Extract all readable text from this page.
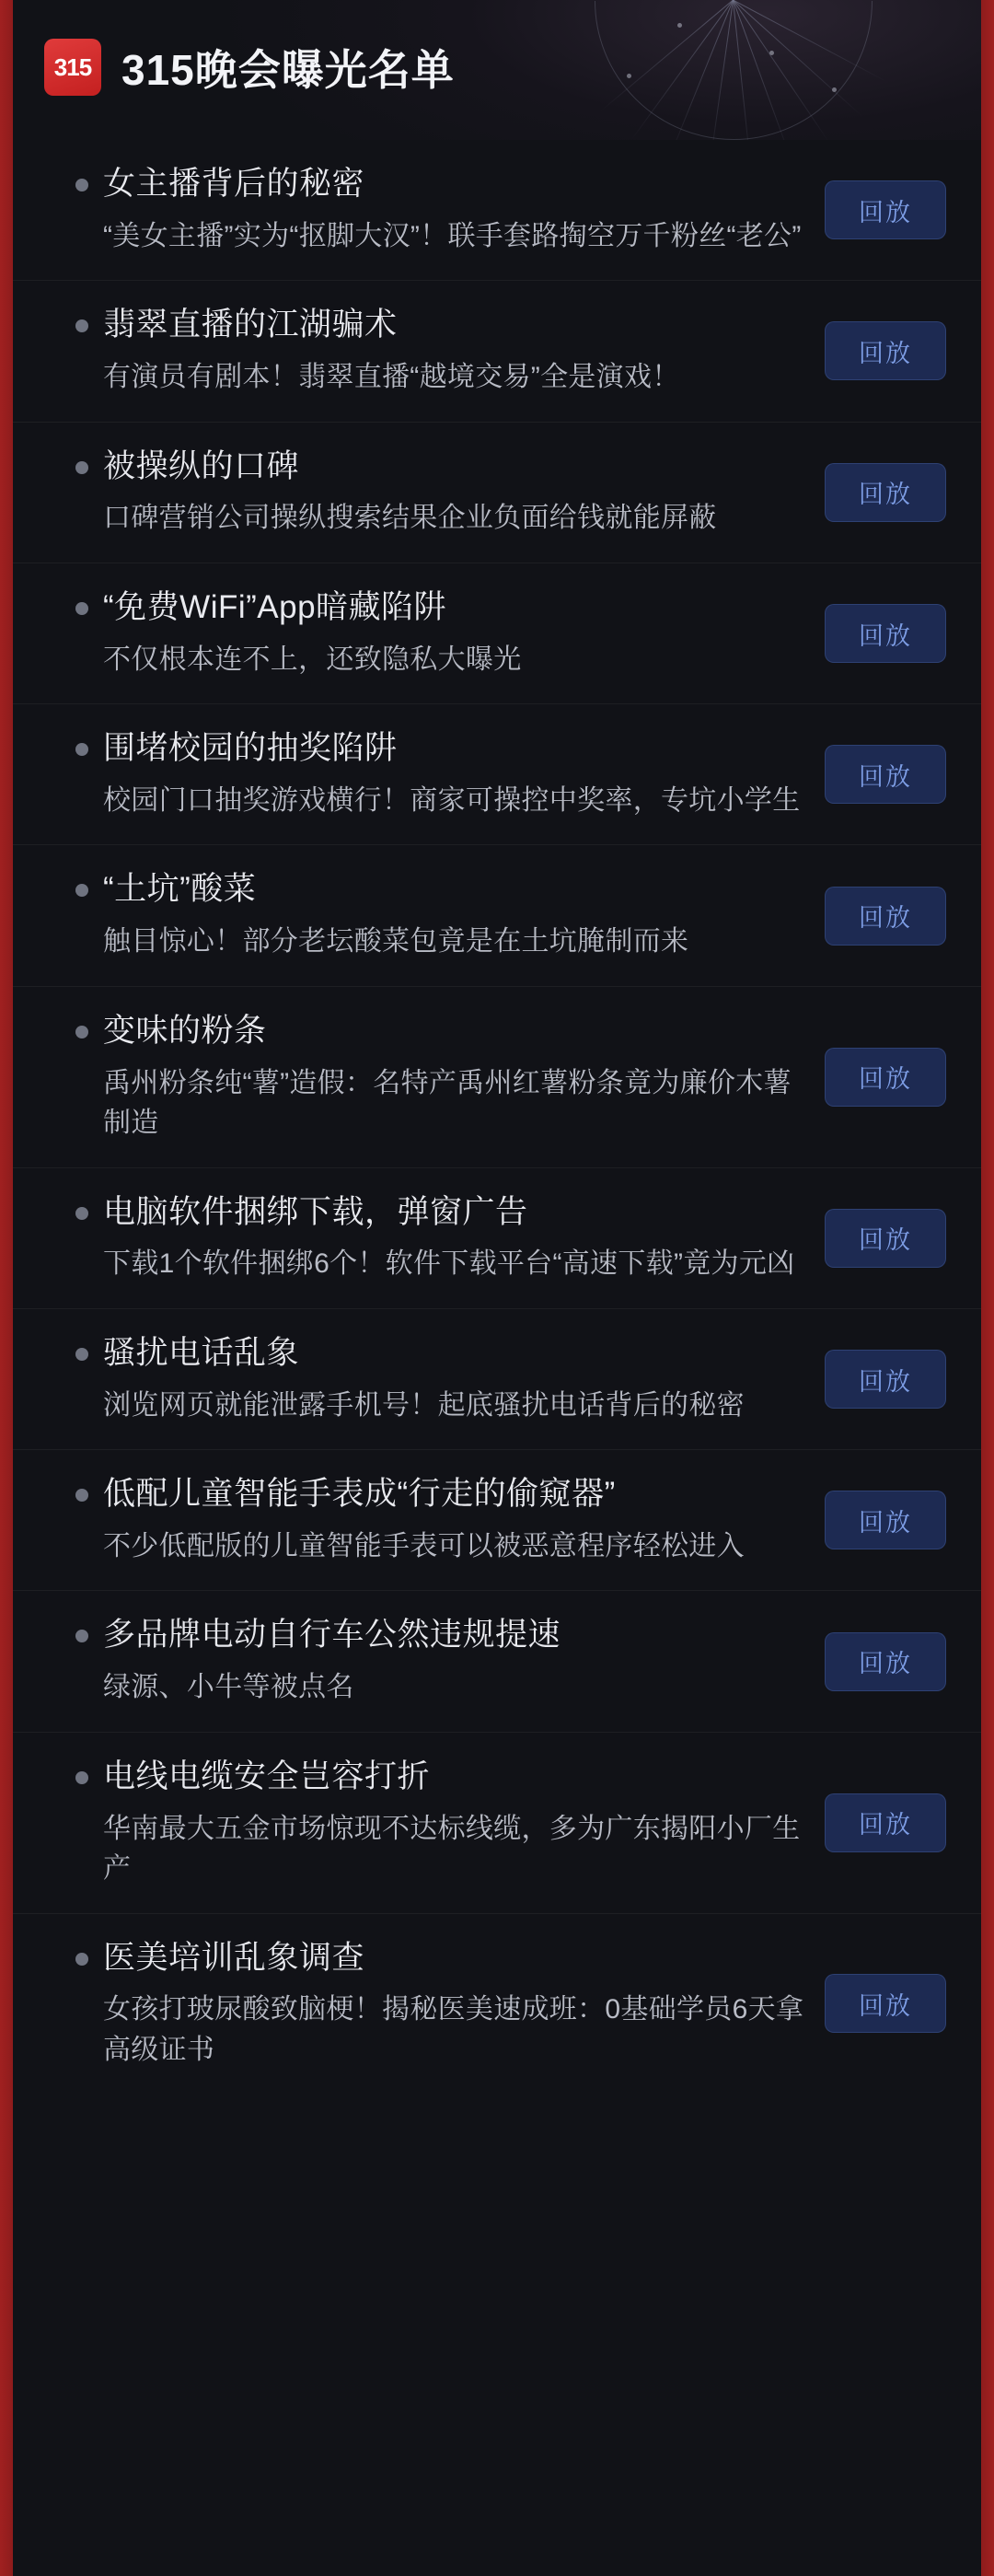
315 315晚会曝光名单
女主播背后的秘密
“美女主播”实为“抠脚大汉”！联手套路掏空万千粉丝“老公”
回放
翡翠直播的江湖骗术
有演员有剧本！翡翠直播“越境交易”全是演戏！
回放
被操纵的口碑
口碑营销公司操纵搜索结果企业负面给钱就能屏蔽
回放
“免费WiFi”App暗藏陷阱
不仅根本连不上，还致隐私大曝光
回放
围堵校园的抽奖陷阱
校园门口抽奖游戏横行！商家可操控中奖率，专坑小学生
回放
“土坑”酸菜
触目惊心！部分老坛酸菜包竟是在土坑腌制而来
回放
变味的粉条
禹州粉条纯“薯”造假：名特产禹州红薯粉条竟为廉价木薯制造
回放
电脑软件捆绑下载，弹窗广告
下载1个软件捆绑6个！软件下载平台“高速下载”竟为元凶
回放
骚扰电话乱象
浏览网页就能泄露手机号！起底骚扰电话背后的秘密
回放
低配儿童智能手表成“行走的偷窥器”
不少低配版的儿童智能手表可以被恶意程序轻松进入
回放
多品牌电动自行车公然违规提速
绿源、小牛等被点名
回放
电线电缆安全岂容打折
华南最大五金市场惊现不达标线缆，多为广东揭阳小厂生产
回放
医美培训乱象调查
女孩打玻尿酸致脑梗！揭秘医美速成班：0基础学员6天拿高级证书
回放
